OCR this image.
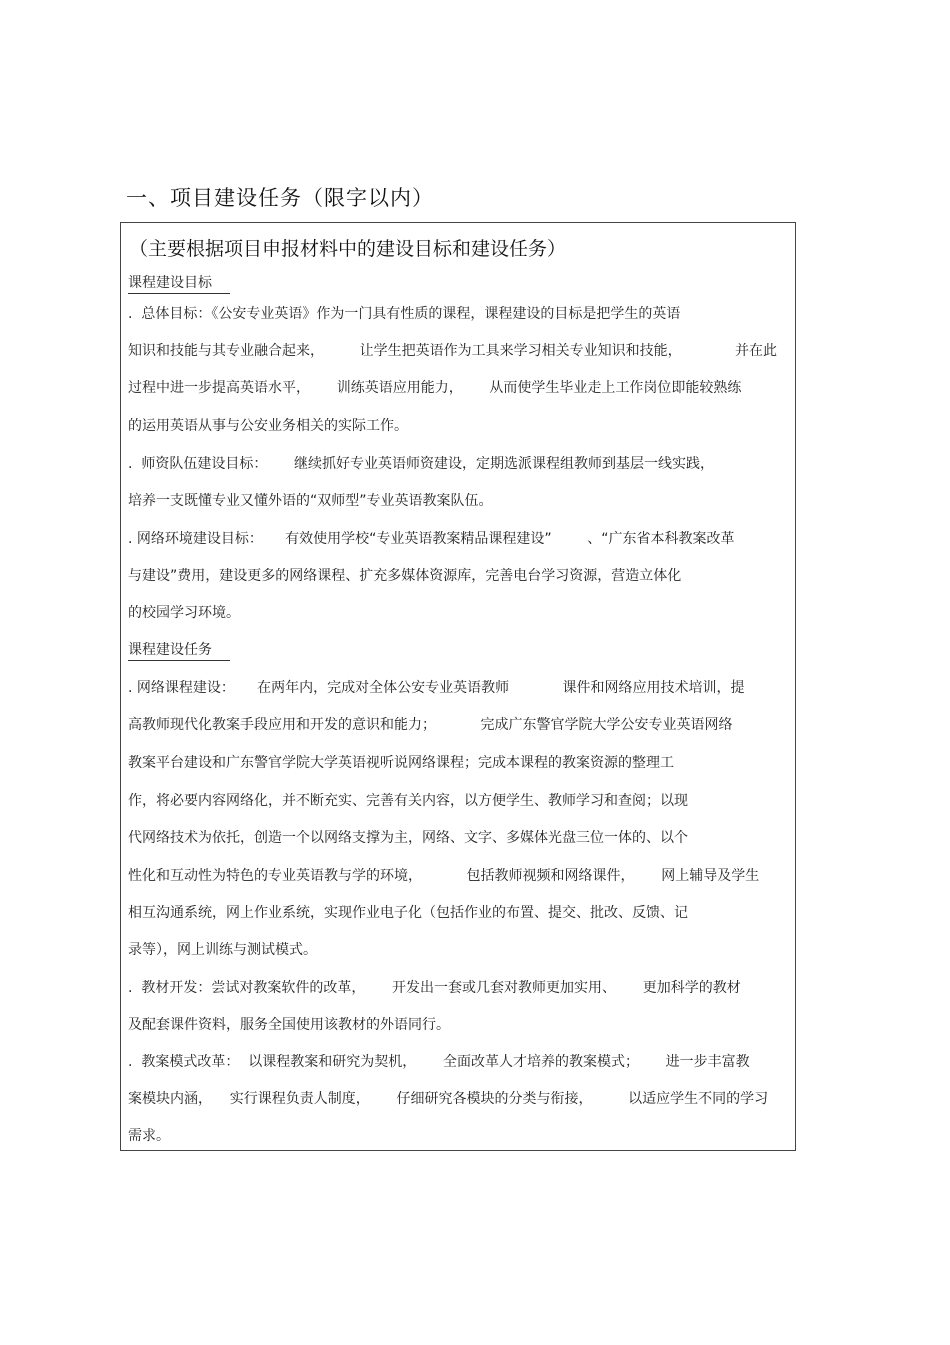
一、项目建设任务（限字以内）
（主要根据项目申报材料中的建设目标和建设任务）
课程建设目标
.  总体目标：《公安专业英语》作为一门具有性质的课程，课程建设的目标是把学生的英语
知识和技能与其专业融合起来，        让学生把英语作为工具来学习相关专业知识和技能，            并在此
过程中进一步提高英语水平，      训练英语应用能力，      从而使学生毕业走上工作岗位即能较熟练
的运用英语从事与公安业务相关的实际工作。
.  师资队伍建设目标：      继续抓好专业英语师资建设，定期选派课程组教师到基层一线实践，
培养一支既懂专业又懂外语的“双师型”专业英语教案队伍。
. 网络环境建设目标：     有效使用学校“专业英语教案精品课程建设”        、“广东省本科教案改革
与建设”费用，建设更多的网络课程、扩充多媒体资源库，完善电台学习资源，营造立体化
的校园学习环境。
课程建设任务
. 网络课程建设：     在两年内，完成对全体公安专业英语教师            课件和网络应用技术培训，提
高教师现代化教案手段应用和开发的意识和能力；          完成广东警官学院大学公安专业英语网络
教案平台建设和广东警官学院大学英语视听说网络课程；完成本课程的教案资源的整理工
作，将必要内容网络化，并不断充实、完善有关内容，以方便学生、教师学习和查阅；以现
代网络技术为依托，创造一个以网络支撑为主，网络、文字、多媒体光盘三位一体的、以个
性化和互动性为特色的专业英语教与学的环境，          包括教师视频和网络课件，      网上辅导及学生
相互沟通系统，网上作业系统，实现作业电子化（包括作业的布置、提交、批改、反馈、记
录等），网上训练与测试模式。
.  教材开发：尝试对教案软件的改革，      开发出一套或几套对教师更加实用、      更加科学的教材
及配套课件资料，服务全国使用该教材的外语同行。
.  教案模式改革：  以课程教案和研究为契机，      全面改革人才培养的教案模式；      进一步丰富教
案模块内涵，    实行课程负责人制度，      仔细研究各模块的分类与衔接，        以适应学生不同的学习
需求。
